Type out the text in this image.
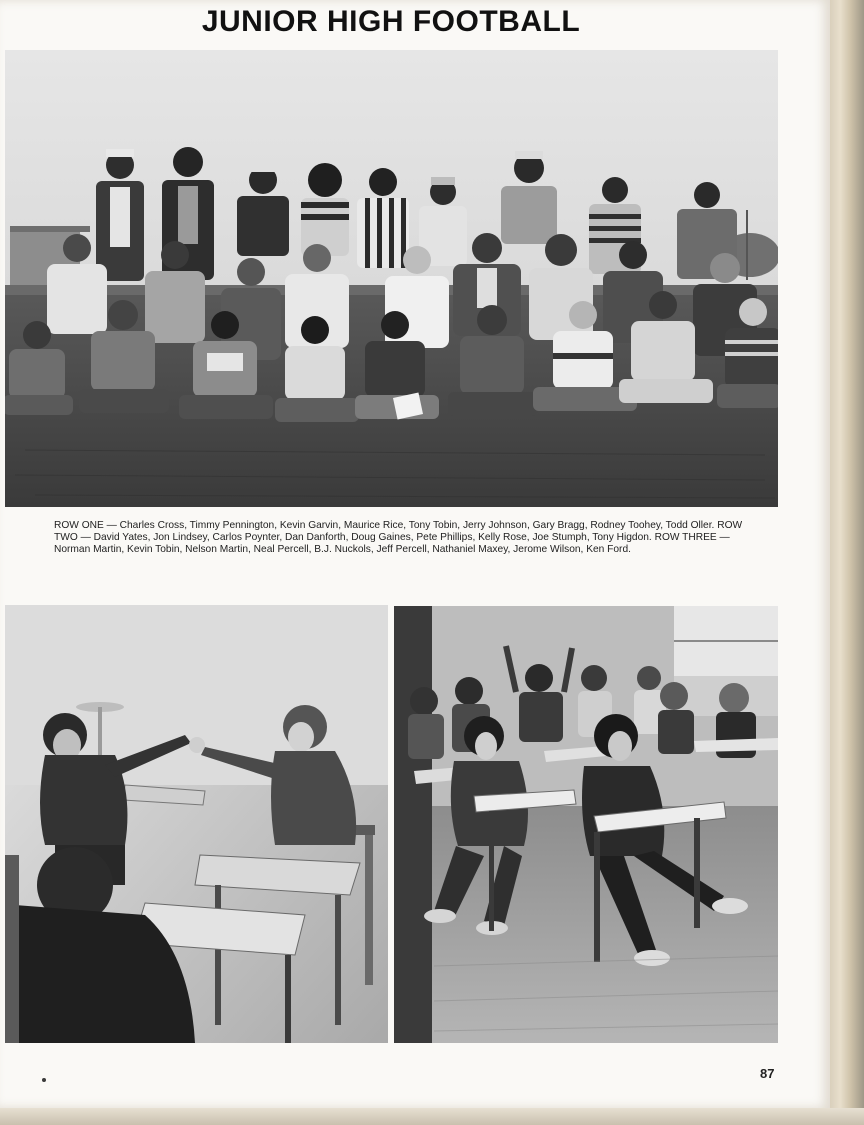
JUNIOR HIGH FOOTBALL
ROW ONE — Charles Cross, Timmy Pennington, Kevin Garvin, Maurice Rice, Tony Tobin, Jerry Johnson, Gary Bragg, Rodney Toohey, Todd Oller. ROW TWO — David Yates, Jon Lindsey, Carlos Poynter, Dan Danforth, Doug Gaines, Pete Phillips, Kelly Rose, Joe Stumph, Tony Higdon. ROW THREE — Norman Martin, Kevin Tobin, Nelson Martin, Neal Percell, B.J. Nuckols, Jeff Percell, Nathaniel Maxey, Jerome Wilson, Ken Ford.
87
